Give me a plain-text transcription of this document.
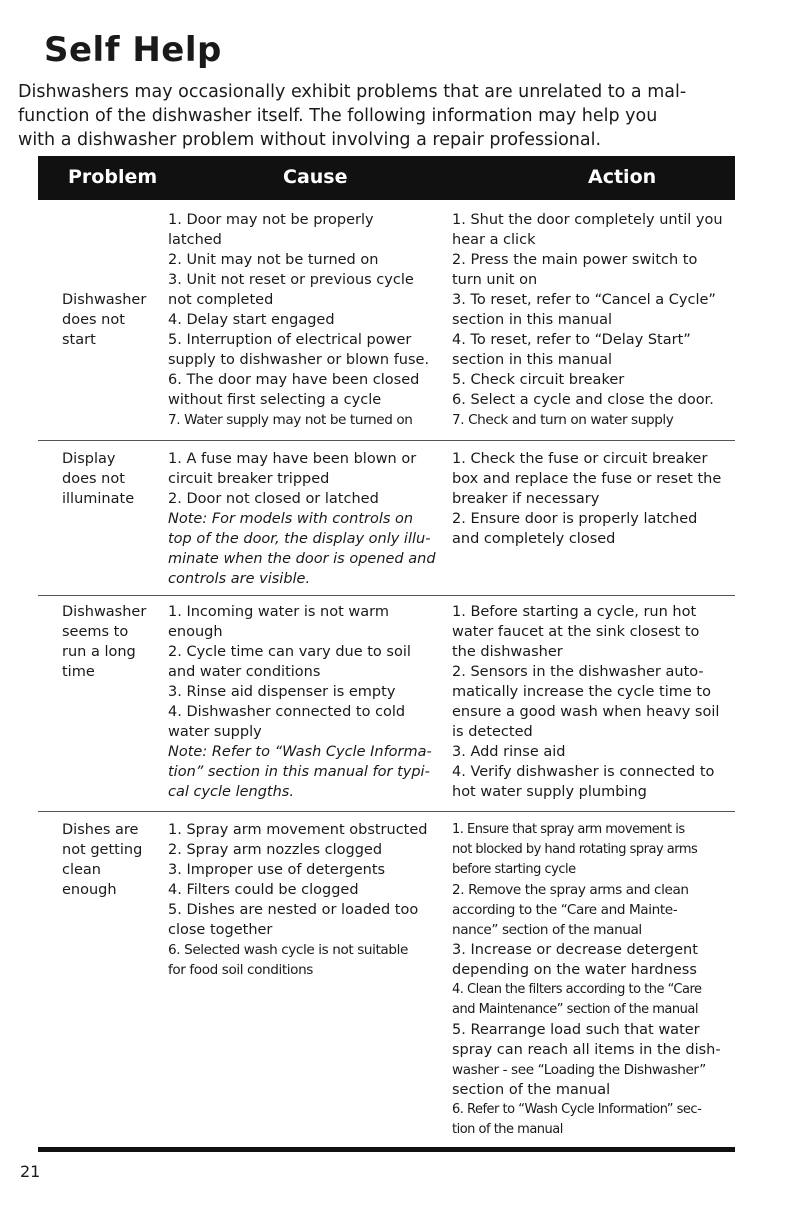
Self Help

Dishwashers may occasionally exhibit problems that are unrelated to a mal-
function of the dishwasher itself. The following information may help you
with a dishwasher problem without involving a repair professional.

Problem	Cause	Action
Dishwasher
does not
start
1. Door may not be properly
latched
2. Unit may not be turned on
3. Unit not reset or previous cycle
not completed
4. Delay start engaged
5. Interruption of electrical power
supply to dishwasher or blown fuse.
6. The door may have been closed
without first selecting a cycle
7. Water supply may not be turned on
1. Shut the door completely until you
hear a click
2. Press the main power switch to
turn unit on
3. To reset, refer to “Cancel a Cycle”
section in this manual
4. To reset, refer to “Delay Start”
section in this manual
5. Check circuit breaker
6. Select a cycle and close the door.
7. Check and turn on water supply
Display
does not
illuminate
1. A fuse may have been blown or
circuit breaker tripped
2. Door not closed or latched
Note: For models with controls on
top of the door, the display only illu-
minate when the door is opened and
controls are visible.
1. Check the fuse or circuit breaker
box and replace the fuse or reset the
breaker if necessary
2. Ensure door is properly latched
and completely closed
Dishwasher
seems to
run a long
time
1. Incoming water is not warm
enough
2. Cycle time can vary due to soil
and water conditions
3. Rinse aid dispenser is empty
4. Dishwasher connected to cold
water supply
Note: Refer to “Wash Cycle Informa-
tion” section in this manual for typi-
cal cycle lengths.
1. Before starting a cycle, run hot
water faucet at the sink closest to
the dishwasher
2. Sensors in the dishwasher auto-
matically increase the cycle time to
ensure a good wash when heavy soil
is detected
3. Add rinse aid
4. Verify dishwasher is connected to
hot water supply plumbing
Dishes are
not getting
clean
enough
1. Spray arm movement obstructed
2. Spray arm nozzles clogged
3. Improper use of detergents
4. Filters could be clogged
5. Dishes are nested or loaded too
close together
6. Selected wash cycle is not suitable
for food soil conditions
1. Ensure that spray arm movement is
not blocked by hand rotating spray arms
before starting cycle
2. Remove the spray arms and clean
according to the “Care and Mainte-
nance” section of the manual
3. Increase or decrease detergent
depending on the water hardness
4. Clean the filters according to the “Care
and Maintenance” section of the manual
5. Rearrange load such that water
spray can reach all items in the dish-
washer - see “Loading the Dishwasher”
section of the manual
6. Refer to “Wash Cycle Information” sec-
tion of the manual
21
